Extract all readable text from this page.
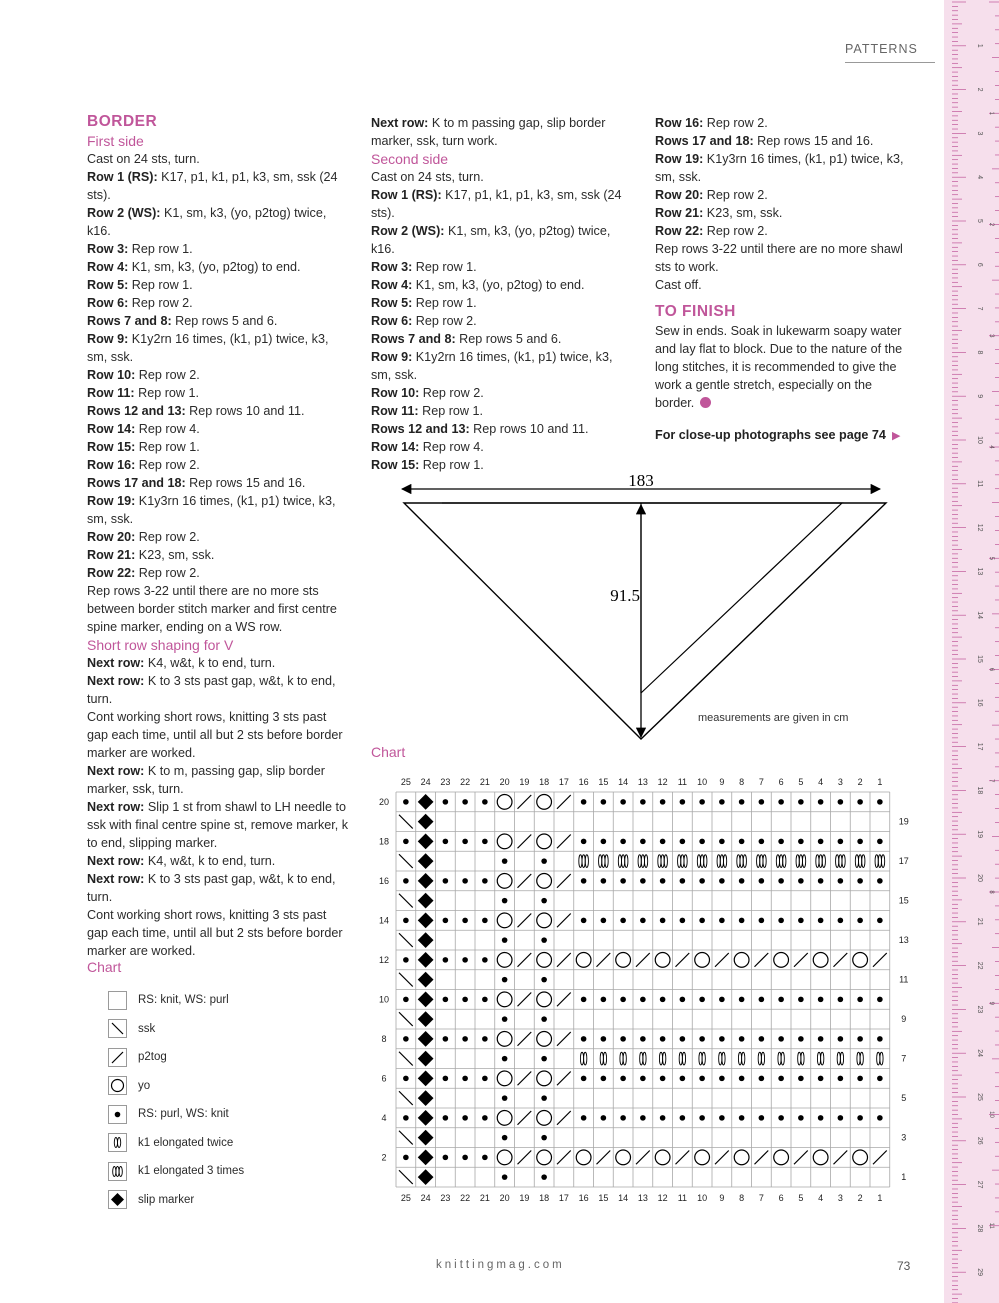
PATTERNS

BORDER

First side

Cast on 24 sts, turn.

Row 1 (RS): K17, p1, k1, p1, k3, sm, ssk (24 sts).

Row 2 (WS): K1, sm, k3, (yo, p2tog) twice, k16.

Row 3: Rep row 1.

Row 4: K1, sm, k3, (yo, p2tog) to end.

Row 5: Rep row 1.

Row 6: Rep row 2.

Rows 7 and 8: Rep rows 5 and 6.

Row 9: K1y2rn 16 times, (k1, p1) twice, k3, sm, ssk.

Row 10: Rep row 2.

Row 11: Rep row 1.

Rows 12 and 13: Rep rows 10 and 11.

Row 14: Rep row 4.

Row 15: Rep row 1.

Row 16: Rep row 2.

Rows 17 and 18: Rep rows 15 and 16.

Row 19: K1y3rn 16 times, (k1, p1) twice, k3, sm, ssk.

Row 20: Rep row 2.

Row 21: K23, sm, ssk.

Row 22: Rep row 2.

Rep rows 3-22 until there are no more sts between border stitch marker and first centre spine marker, ending on a WS row.

Short row shaping for V

Next row: K4, w&t, k to end, turn.

Next row: K to 3 sts past gap, w&t, k to end, turn.

Cont working short rows, knitting 3 sts past gap each time, until all but 2 sts before border marker are worked.

Next row: K to m, passing gap, slip border marker, ssk, turn.

Next row: Slip 1 st from shawl to LH needle to ssk with final centre spine st, remove marker, k to end, slipping marker.

Next row: K4, w&t, k to end, turn.

Next row: K to 3 sts past gap, w&t, k to end, turn.

Cont working short rows, knitting 3 sts past gap each time, until all but 2 sts before border marker are worked.

Chart
RS: knit, WS: purl
ssk
p2tog
yo
RS: purl, WS: knit
k1 elongated twice
k1 elongated 3 times
slip marker

Next row: K to m passing gap, slip border marker, ssk, turn work.

Second side

Cast on 24 sts, turn.

Row 1 (RS): K17, p1, k1, p1, k3, sm, ssk (24 sts).

Row 2 (WS): K1, sm, k3, (yo, p2tog) twice, k16.

Row 3: Rep row 1.

Row 4: K1, sm, k3, (yo, p2tog) to end.

Row 5: Rep row 1.

Row 6: Rep row 2.

Rows 7 and 8: Rep rows 5 and 6.

Row 9: K1y2rn 16 times, (k1, p1) twice, k3, sm, ssk.

Row 10: Rep row 2.

Row 11: Rep row 1.

Rows 12 and 13: Rep rows 10 and 11.

Row 14: Rep row 4.

Row 15: Rep row 1.

Row 16: Rep row 2.

Rows 17 and 18: Rep rows 15 and 16.

Row 19: K1y3rn 16 times, (k1, p1) twice, k3, sm, ssk.

Row 20: Rep row 2.

Row 21: K23, sm, ssk.

Row 22: Rep row 2.

Rep rows 3-22 until there are no more shawl sts to work.

Cast off.

TO FINISH

Sew in ends. Soak in lukewarm soapy water and lay flat to block. Due to the nature of the long stitches, it is recommended to give the work a gentle stretch, especially on the border.

For close-up photographs see page 74 ▶

183
91.5
measurements are given in cm
Chart
25
25
24
24
23
23
22
22
21
21
20
20
19
19
18
18
17
17
16
16
15
15
14
14
13
13
12
12
11
11
10
10
9
9
8
8
7
7
6
6
5
5
4
4
3
3
2
2
1
1
20
18
16
14
12
10
8
6
4
2
19
17
15
13
11
9
7
5
3
1
knittingmag.com	73
1
2
3
4
5
6
7
8
9
10
11
12
13
14
15
16
17
18
19
20
21
22
23
24
25
26
27
28
29
1
2
3
4
5
6
7
8
9
10
11
